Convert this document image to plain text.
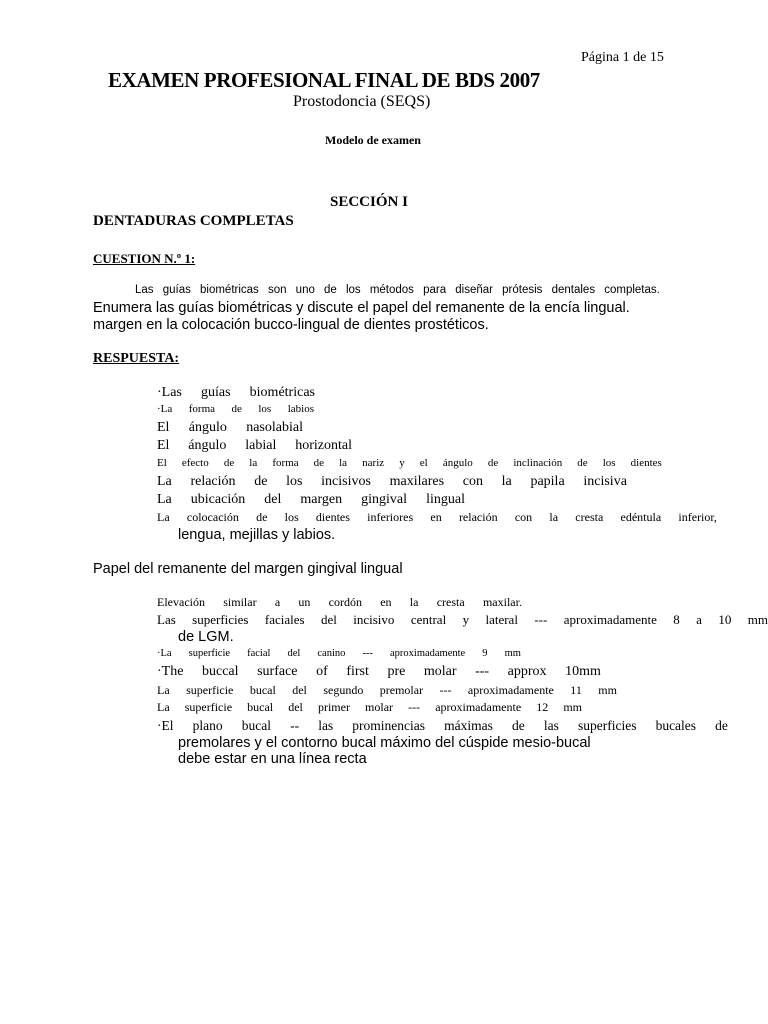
Página 1 de 15
EXAMEN PROFESIONAL FINAL DE BDS 2007
Prostodoncia (SEQS)
Modelo de examen
SECCIÓN I
DENTADURAS COMPLETAS
CUESTION N.º 1:
Las guías biométricas son uno de los métodos para diseñar prótesis dentales completas.
Enumera las guías biométricas y discute el papel del remanente de la encía lingual.
margen en la colocación bucco-lingual de dientes prostéticos.
RESPUESTA:
·Las guías biométricas
·La forma de los labios
El ángulo nasolabial
El ángulo labial horizontal
El efecto de la forma de la nariz y el ángulo de inclinación de los dientes
La relación de los incisivos maxilares con la papila incisiva
La ubicación del margen gingival lingual
La colocación de los dientes inferiores en relación con la cresta edéntula inferior,
lengua, mejillas y labios.
Papel del remanente del margen gingival lingual
Elevación similar a un cordón en la cresta maxilar.
Las superficies faciales del incisivo central y lateral --- aproximadamente 8 a 10 mm
de LGM.
·La superficie facial del canino --- aproximadamente 9 mm
·The buccal surface of first pre molar --- approx 10mm
La superficie bucal del segundo premolar --- aproximadamente 11 mm
La superficie bucal del primer molar --- aproximadamente 12 mm
·El plano bucal -- las prominencias máximas de las superficies bucales de
premolares y el contorno bucal máximo del cúspide mesio-bucal
debe estar en una línea recta
